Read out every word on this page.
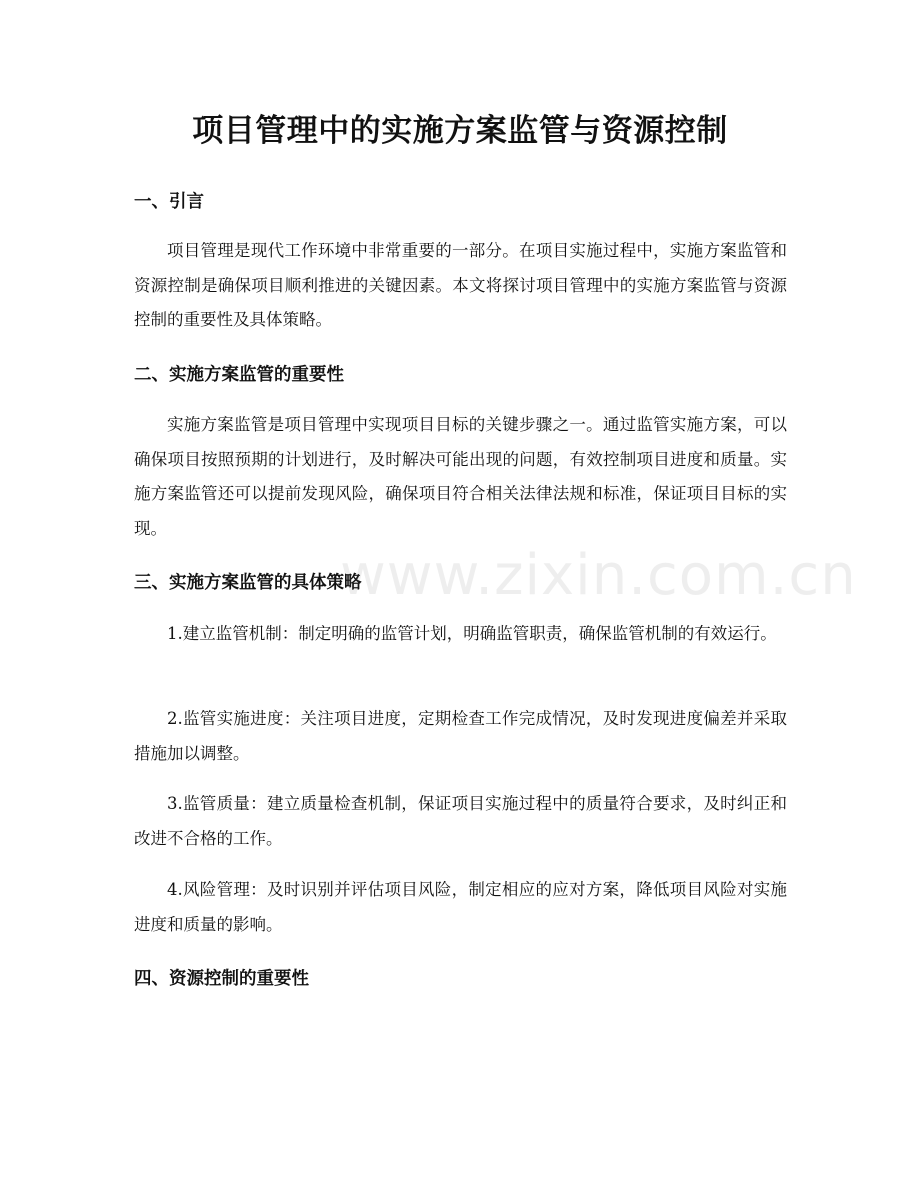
项目管理中的实施方案监管与资源控制
一、引言

项目管理是现代工作环境中非常重要的一部分。在项目实施过程中，实施方案监管和资源控制是确保项目顺利推进的关键因素。本文将探讨项目管理中的实施方案监管与资源控制的重要性及具体策略。

二、实施方案监管的重要性

实施方案监管是项目管理中实现项目目标的关键步骤之一。通过监管实施方案，可以确保项目按照预期的计划进行，及时解决可能出现的问题，有效控制项目进度和质量。实施方案监管还可以提前发现风险，确保项目符合相关法律法规和标准，保证项目目标的实现。

三、实施方案监管的具体策略

1.建立监管机制：制定明确的监管计划，明确监管职责，确保监管机制的有效运行。

2.监管实施进度：关注项目进度，定期检查工作完成情况，及时发现进度偏差并采取措施加以调整。

3.监管质量：建立质量检查机制，保证项目实施过程中的质量符合要求，及时纠正和改进不合格的工作。

4.风险管理：及时识别并评估项目风险，制定相应的应对方案，降低项目风险对实施进度和质量的影响。

四、资源控制的重要性
www.zixin.com.cn
